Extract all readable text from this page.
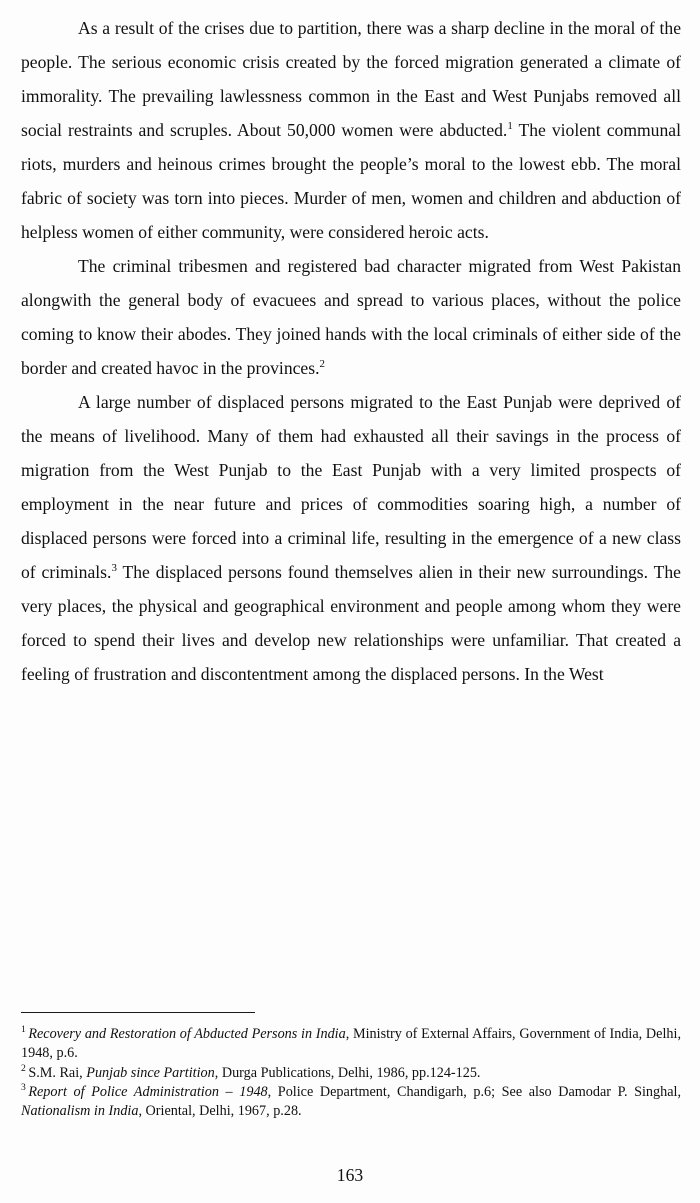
As a result of the crises due to partition, there was a sharp decline in the moral of the people. The serious economic crisis created by the forced migration generated a climate of immorality. The prevailing lawlessness common in the East and West Punjabs removed all social restraints and scruples. About 50,000 women were abducted.$^1$ The violent communal riots, murders and heinous crimes brought the people’s moral to the lowest ebb. The moral fabric of society was torn into pieces. Murder of men, women and children and abduction of helpless women of either community, were considered heroic acts.

The criminal tribesmen and registered bad character migrated from West Pakistan alongwith the general body of evacuees and spread to various places, without the police coming to know their abodes. They joined hands with the local criminals of either side of the border and created havoc in the provinces.$^2$

A large number of displaced persons migrated to the East Punjab were deprived of the means of livelihood. Many of them had exhausted all their savings in the process of migration from the West Punjab to the East Punjab with a very limited prospects of employment in the near future and prices of commodities soaring high, a number of displaced persons were forced into a criminal life, resulting in the emergence of a new class of criminals.$^3$ The displaced persons found themselves alien in their new surroundings. The very places, the physical and geographical environment and people among whom they were forced to spend their lives and develop new relationships were unfamiliar. That created a feeling of frustration and discontentment among the displaced persons. In the West

$^1$ Recovery and Restoration of Abducted Persons in India, Ministry of External Affairs, Government of India, Delhi, 1948, p.6.

$^2$ S.M. Rai, Punjab since Partition, Durga Publications, Delhi, 1986, pp.124-125.

$^3$ Report of Police Administration – 1948, Police Department, Chandigarh, p.6; See also Damodar P. Singhal, Nationalism in India, Oriental, Delhi, 1967, p.28.

163
